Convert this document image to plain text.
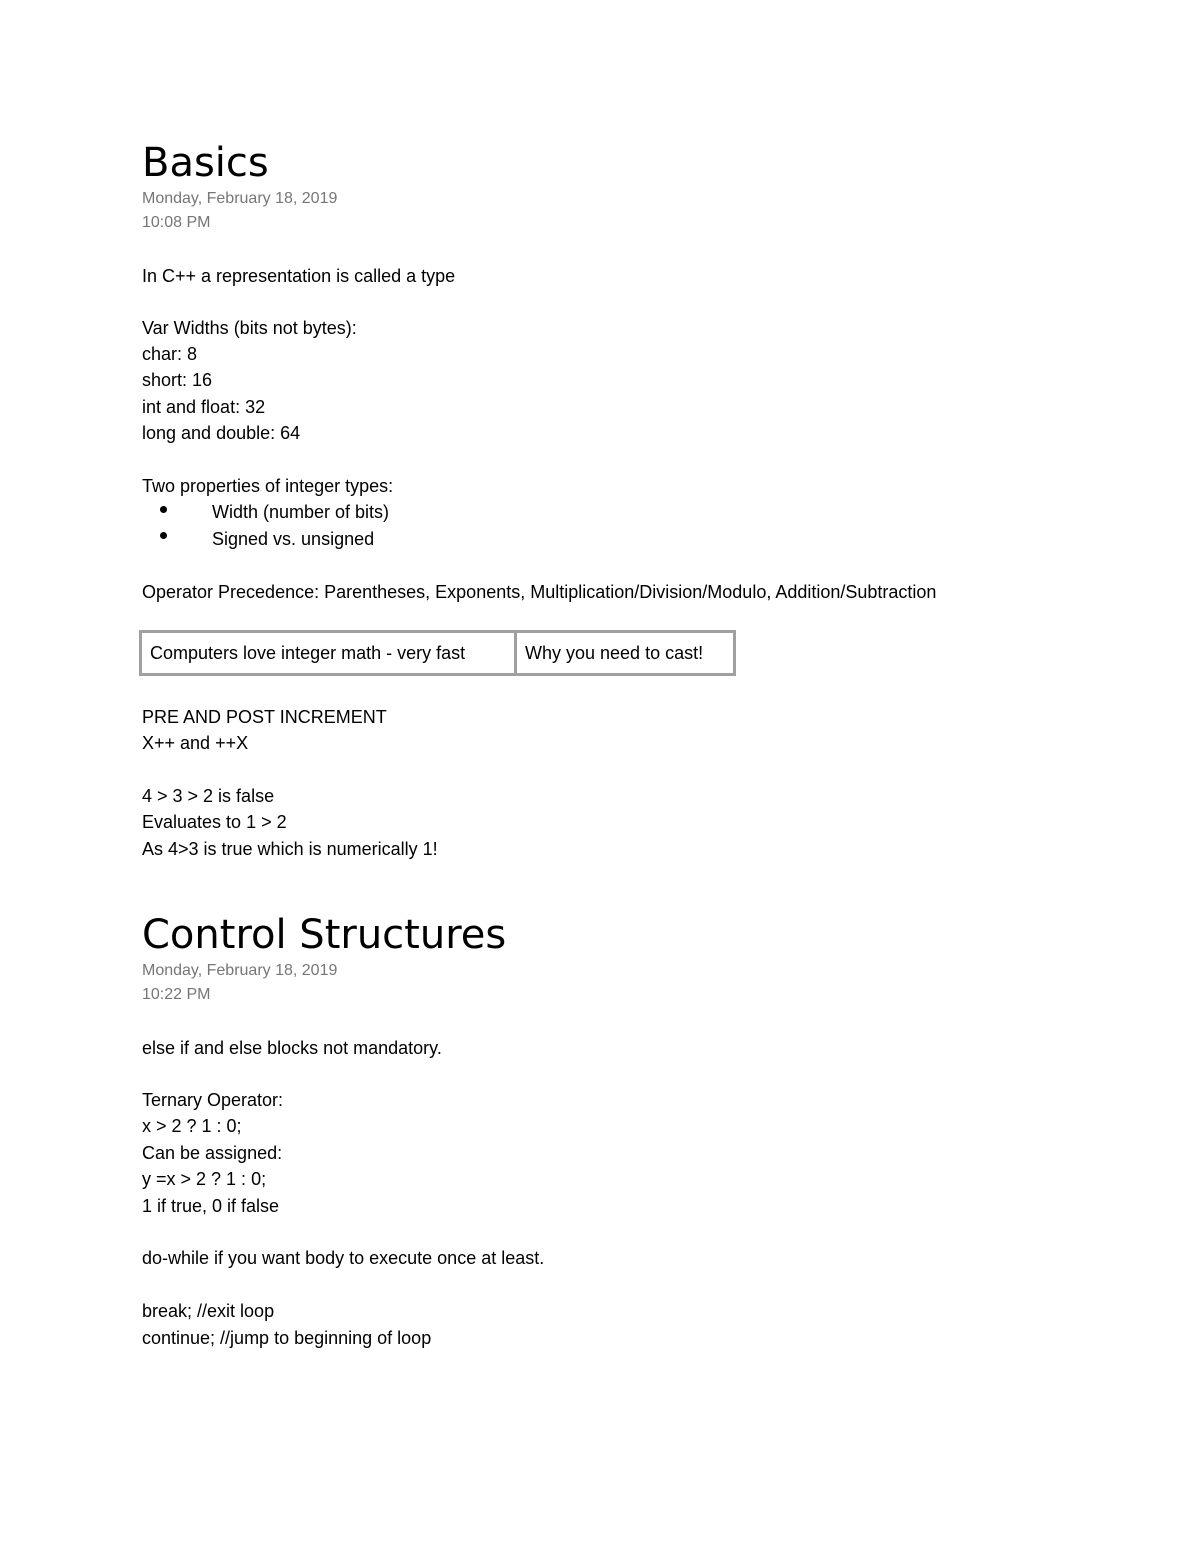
Basics
Monday, February 18, 2019
10:08 PM
In C++ a representation is called a type
Var Widths (bits not bytes):
char: 8
short: 16
int and float: 32
long and double: 64
Two properties of integer types:
Width (number of bits)
Signed vs. unsigned
Operator Precedence: Parentheses, Exponents, Multiplication/Division/Modulo, Addition/Subtraction
Computers love integer math - very fast	Why you need to cast!
PRE AND POST INCREMENT
X++ and ++X
4 > 3 > 2 is false
Evaluates to 1 > 2
As 4>3 is true which is numerically 1!
Control Structures
Monday, February 18, 2019
10:22 PM
else if and else blocks not mandatory.
Ternary Operator:
x > 2 ? 1 : 0;
Can be assigned:
y =x > 2 ? 1 : 0;
1 if true, 0 if false
do-while if you want body to execute once at least.
break; //exit loop
continue; //jump to beginning of loop
